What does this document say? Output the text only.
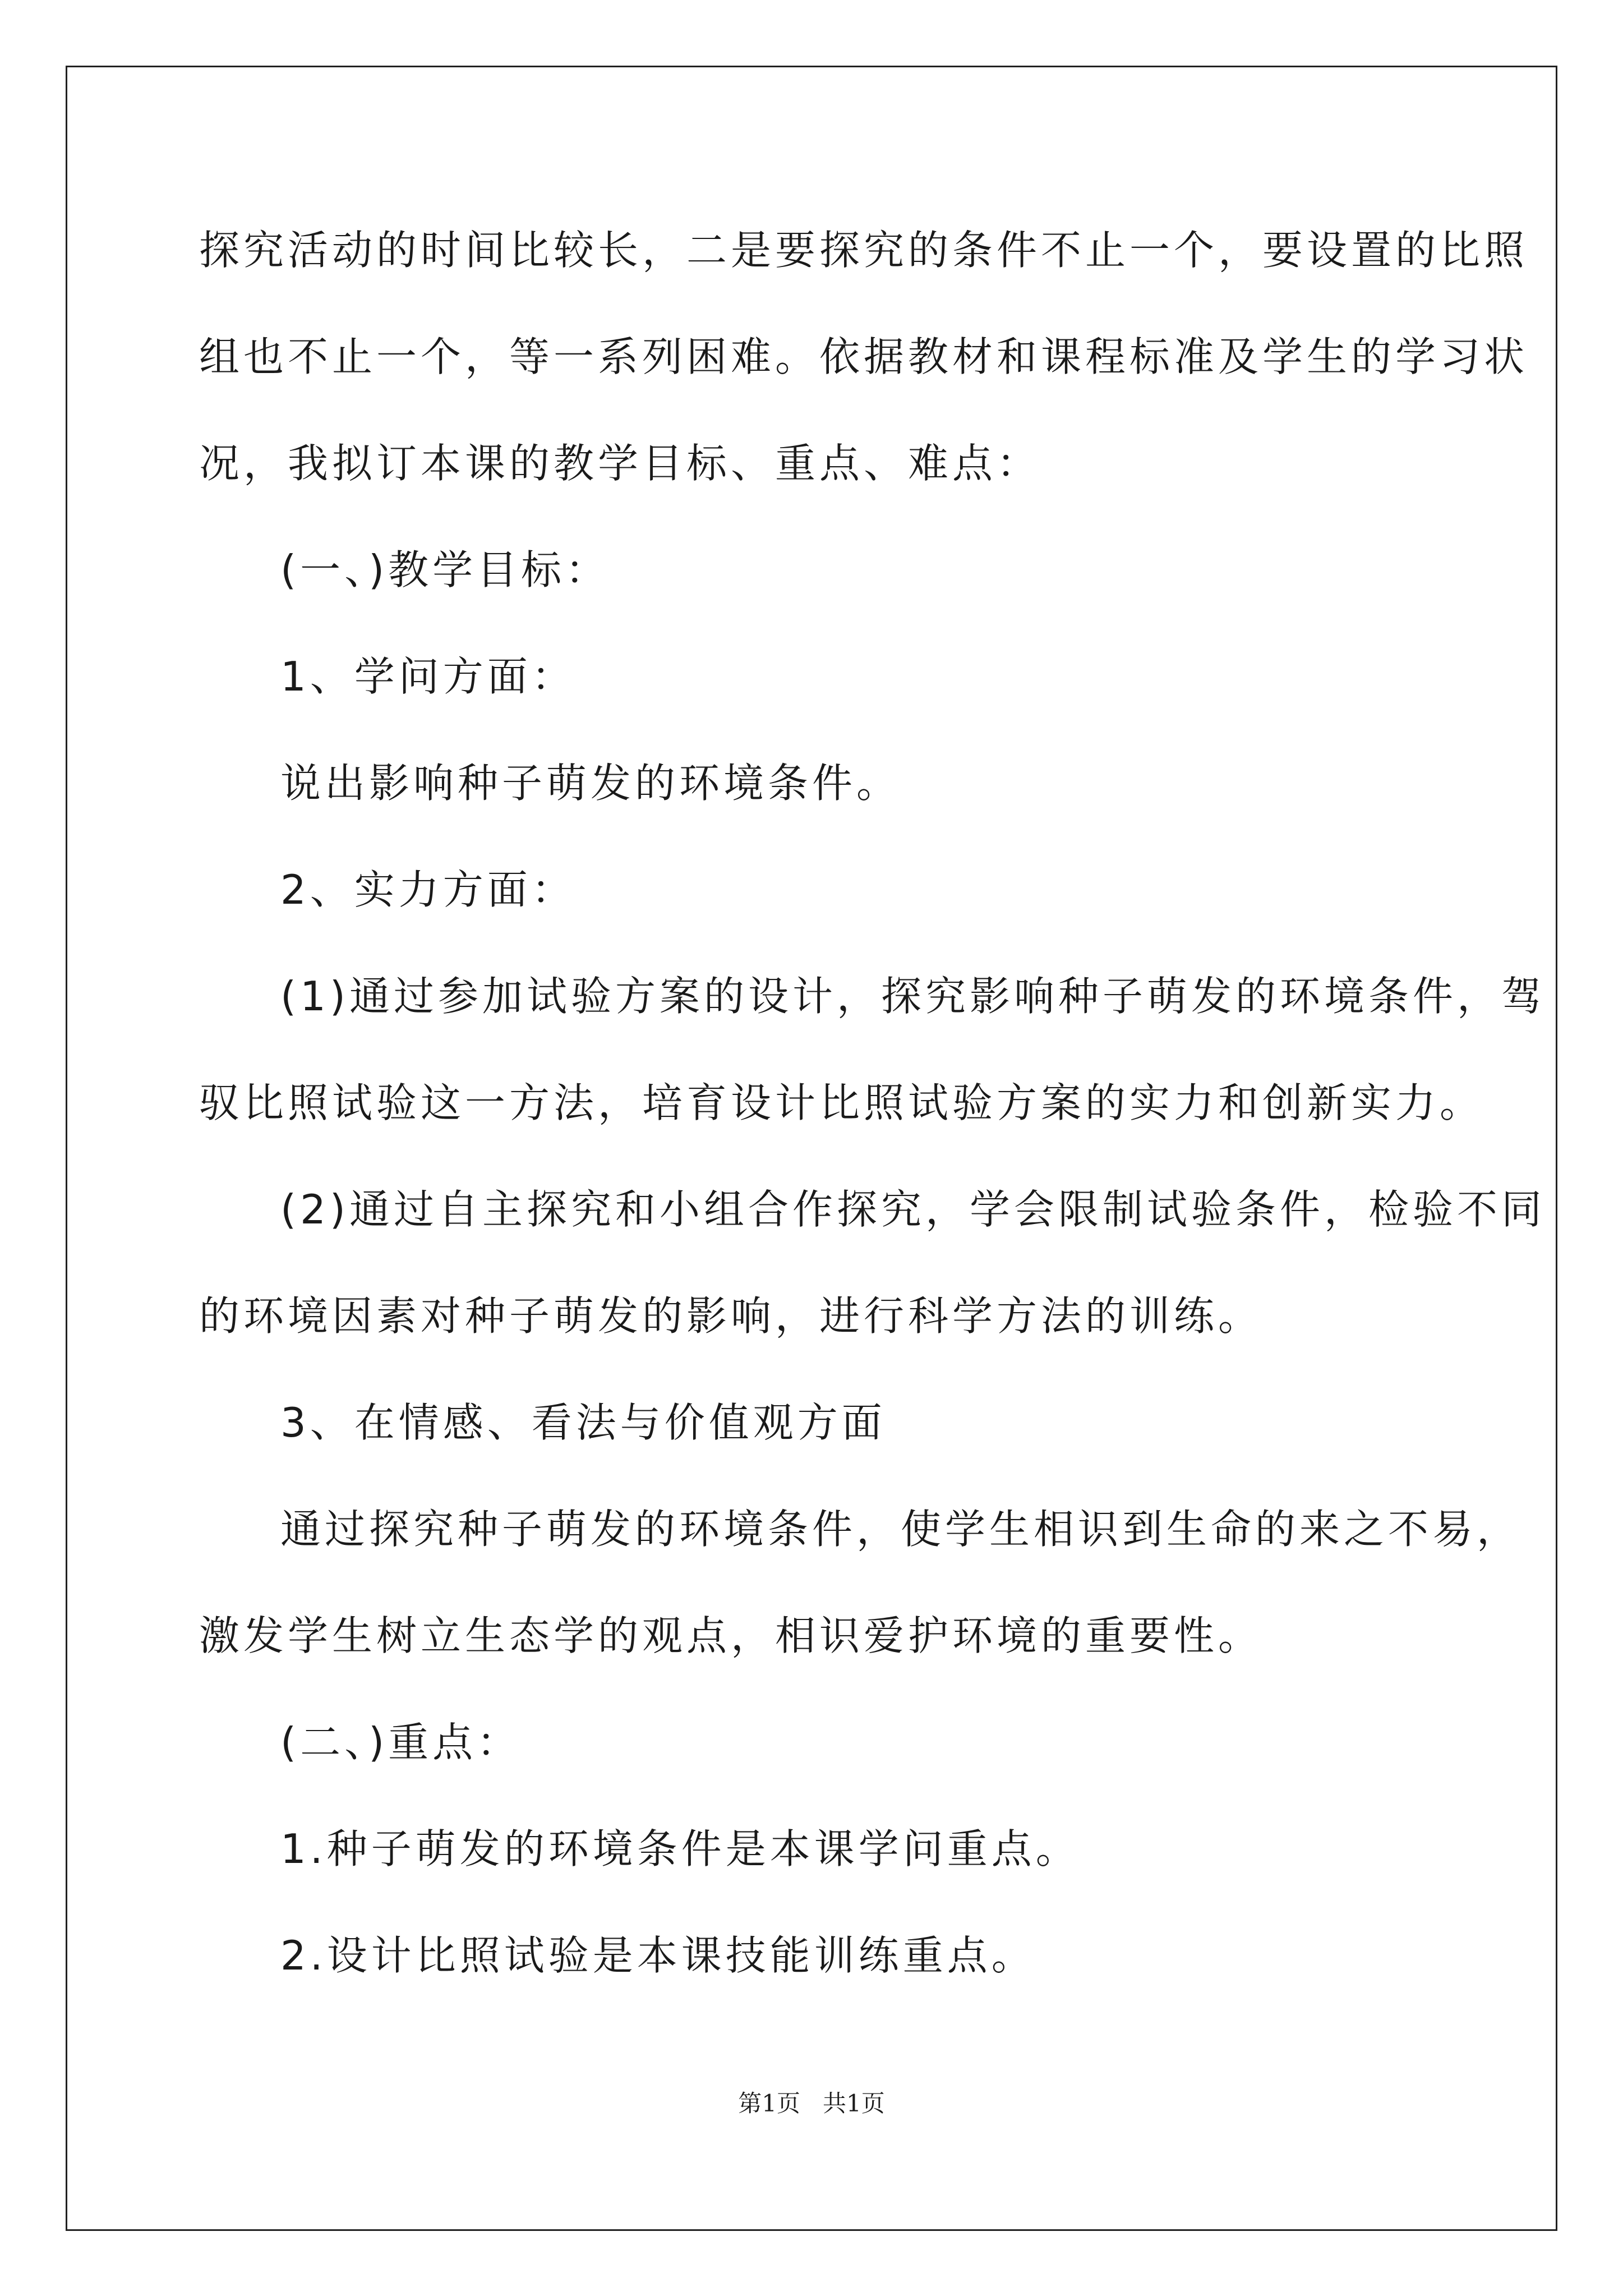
探究活动的时间比较长，二是要探究的条件不止一个，要设置的比照
组也不止一个，等一系列困难。依据教材和课程标准及学生的学习状
况，我拟订本课的教学目标、重点、难点：
(一、)教学目标：
1、学问方面：
说出影响种子萌发的环境条件。
2、实力方面：
(1)通过参加试验方案的设计，探究影响种子萌发的环境条件，驾
驭比照试验这一方法，培育设计比照试验方案的实力和创新实力。
(2)通过自主探究和小组合作探究，学会限制试验条件，检验不同
的环境因素对种子萌发的影响，进行科学方法的训练。
3、在情感、看法与价值观方面
通过探究种子萌发的环境条件，使学生相识到生命的来之不易，
激发学生树立生态学的观点，相识爱护环境的重要性。
(二、)重点：
1.种子萌发的环境条件是本课学问重点。
2.设计比照试验是本课技能训练重点。
第1页   共1页
